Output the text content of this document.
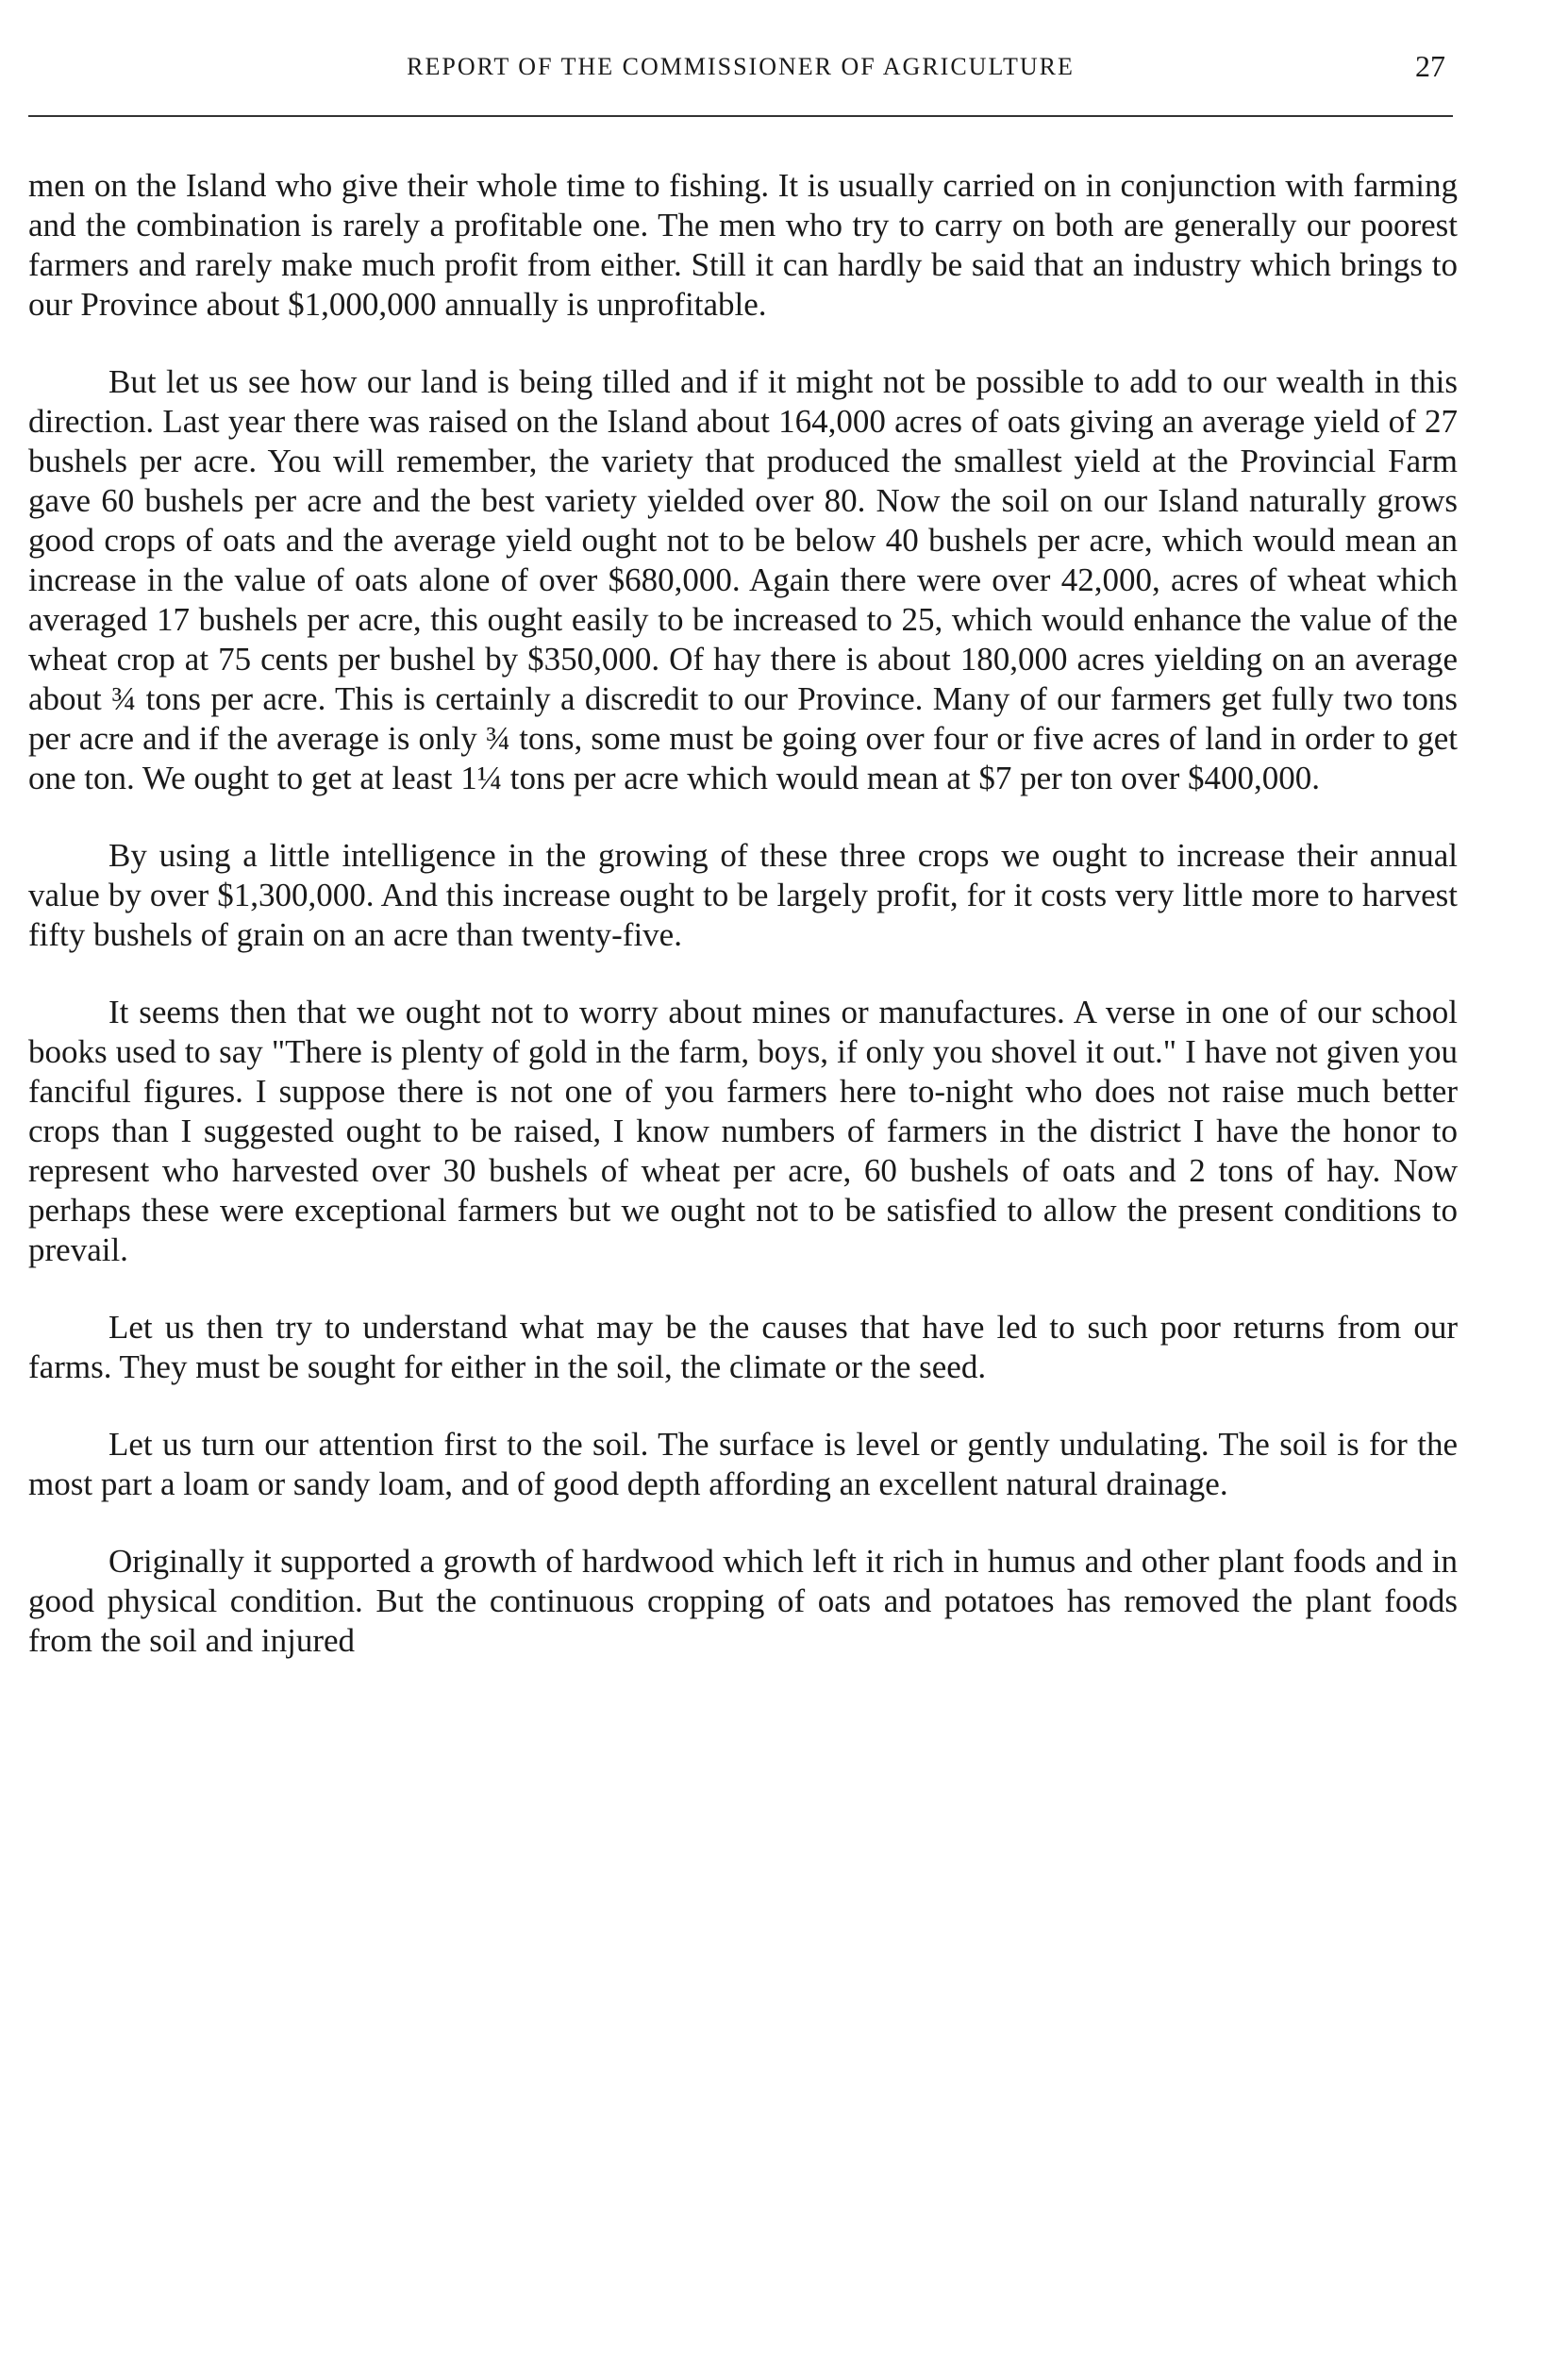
REPORT OF THE COMMISSIONER OF AGRICULTURE	27

men on the Island who give their whole time to fishing. It is usually carried on in conjunction with farming and the combination is rarely a profitable one. The men who try to carry on both are generally our poorest farmers and rarely make much profit from either. Still it can hardly be said that an industry which brings to our Province about $1,000,000 annually is unprofitable.

But let us see how our land is being tilled and if it might not be possible to add to our wealth in this direction. Last year there was raised on the Island about 164,000 acres of oats giving an average yield of 27 bushels per acre. You will remember, the variety that produced the smallest yield at the Provincial Farm gave 60 bushels per acre and the best variety yielded over 80. Now the soil on our Island naturally grows good crops of oats and the average yield ought not to be below 40 bushels per acre, which would mean an increase in the value of oats alone of over $680,000. Again there were over 42,000, acres of wheat which averaged 17 bushels per acre, this ought easily to be increased to 25, which would enhance the value of the wheat crop at 75 cents per bushel by $350,000. Of hay there is about 180,000 acres yielding on an average about ¾ tons per acre. This is certainly a discredit to our Province. Many of our farmers get fully two tons per acre and if the average is only ¾ tons, some must be going over four or five acres of land in order to get one ton. We ought to get at least 1¼ tons per acre which would mean at $7 per ton over $400,000.

By using a little intelligence in the growing of these three crops we ought to increase their annual value by over $1,300,000. And this increase ought to be largely profit, for it costs very little more to harvest fifty bushels of grain on an acre than twenty-five.

It seems then that we ought not to worry about mines or manufactures. A verse in one of our school books used to say "There is plenty of gold in the farm, boys, if only you shovel it out." I have not given you fanciful figures. I suppose there is not one of you farmers here to-night who does not raise much better crops than I suggested ought to be raised, I know numbers of farmers in the district I have the honor to represent who harvested over 30 bushels of wheat per acre, 60 bushels of oats and 2 tons of hay. Now perhaps these were exceptional farmers but we ought not to be satisfied to allow the present conditions to prevail.

Let us then try to understand what may be the causes that have led to such poor returns from our farms. They must be sought for either in the soil, the climate or the seed.

Let us turn our attention first to the soil. The surface is level or gently undulating. The soil is for the most part a loam or sandy loam, and of good depth affording an excellent natural drainage.

Originally it supported a growth of hardwood which left it rich in humus and other plant foods and in good physical condition. But the continuous cropping of oats and potatoes has removed the plant foods from the soil and injured
